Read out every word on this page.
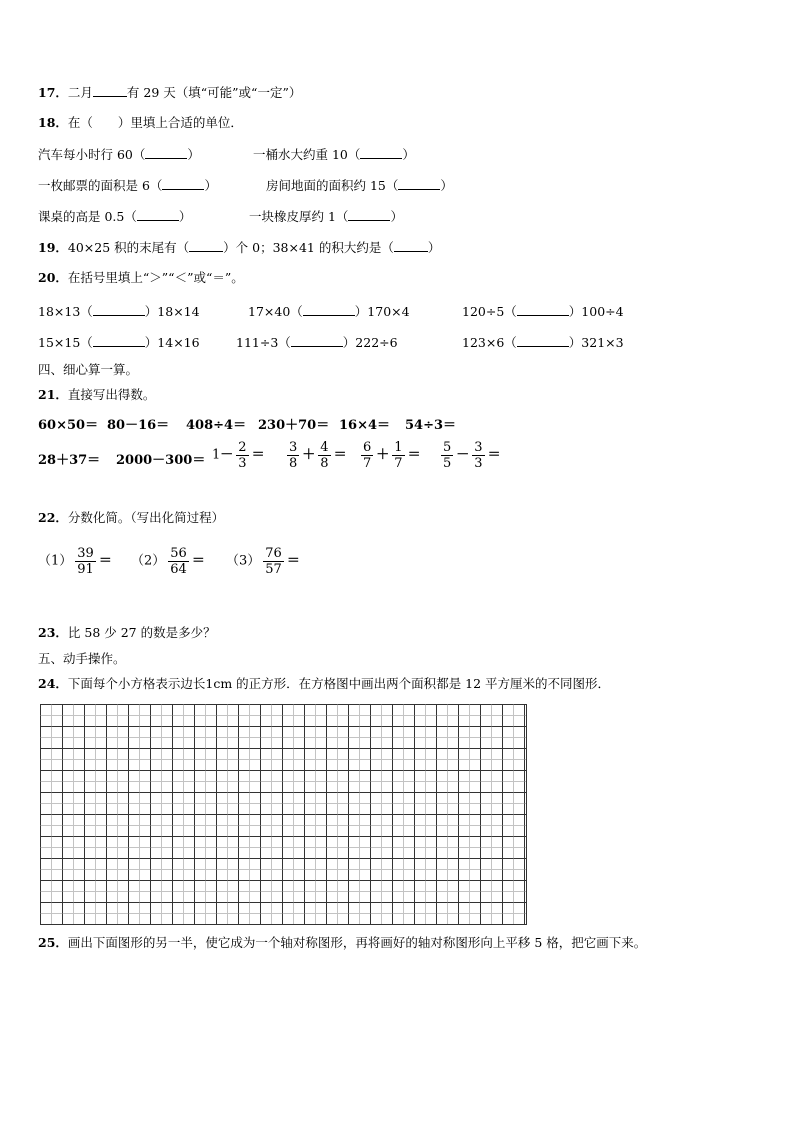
17．二月	有 29 天（填“可能”或“一定”）
18．在（　　）里填上合适的单位．
汽车每小时行 60（	）	一桶水大约重 10（	）
一枚邮票的面积是 6（	）	房间地面的面积约 15（	）
课桌的高是 0.5（	）	一块橡皮厚约 1（	）
19．40×25 积的末尾有（	）个 0；38×41 的积大约是（	）
20．在括号里填上“＞”“＜”或“＝”。
18×13（	）18×14	17×40（	）170×4	120÷5（	）100÷4
15×15（	）14×16	111÷3（	）222÷6	123×6（	）321×3
四、细心算一算。
21．直接写出得数。
60×50＝ 80－16＝ 408÷4＝ 230＋70＝ 16×4＝ 54÷3＝
$28+37= 2000-300= 1- \frac{2}{3} = \frac{3}{8} + \frac{4}{8} = \frac{6}{7} + \frac{1}{7} = \frac{5}{5} - \frac{3}{3}$ ＝
22．分数化简。（写出化简过程）
$(1) \frac{39}{91} = (2) \frac{56}{64} = (3) \frac{76}{57}$ ＝
23．比 58 少 27 的数是多少？
五、动手操作。
24．下面每个小方格表示边长1cm 的正方形．在方格图中画出两个面积都是 12 平方厘米的不同图形．
25．画出下面图形的另一半，使它成为一个轴对称图形，再将画好的轴对称图形向上平移 5 格，把它画下来。
